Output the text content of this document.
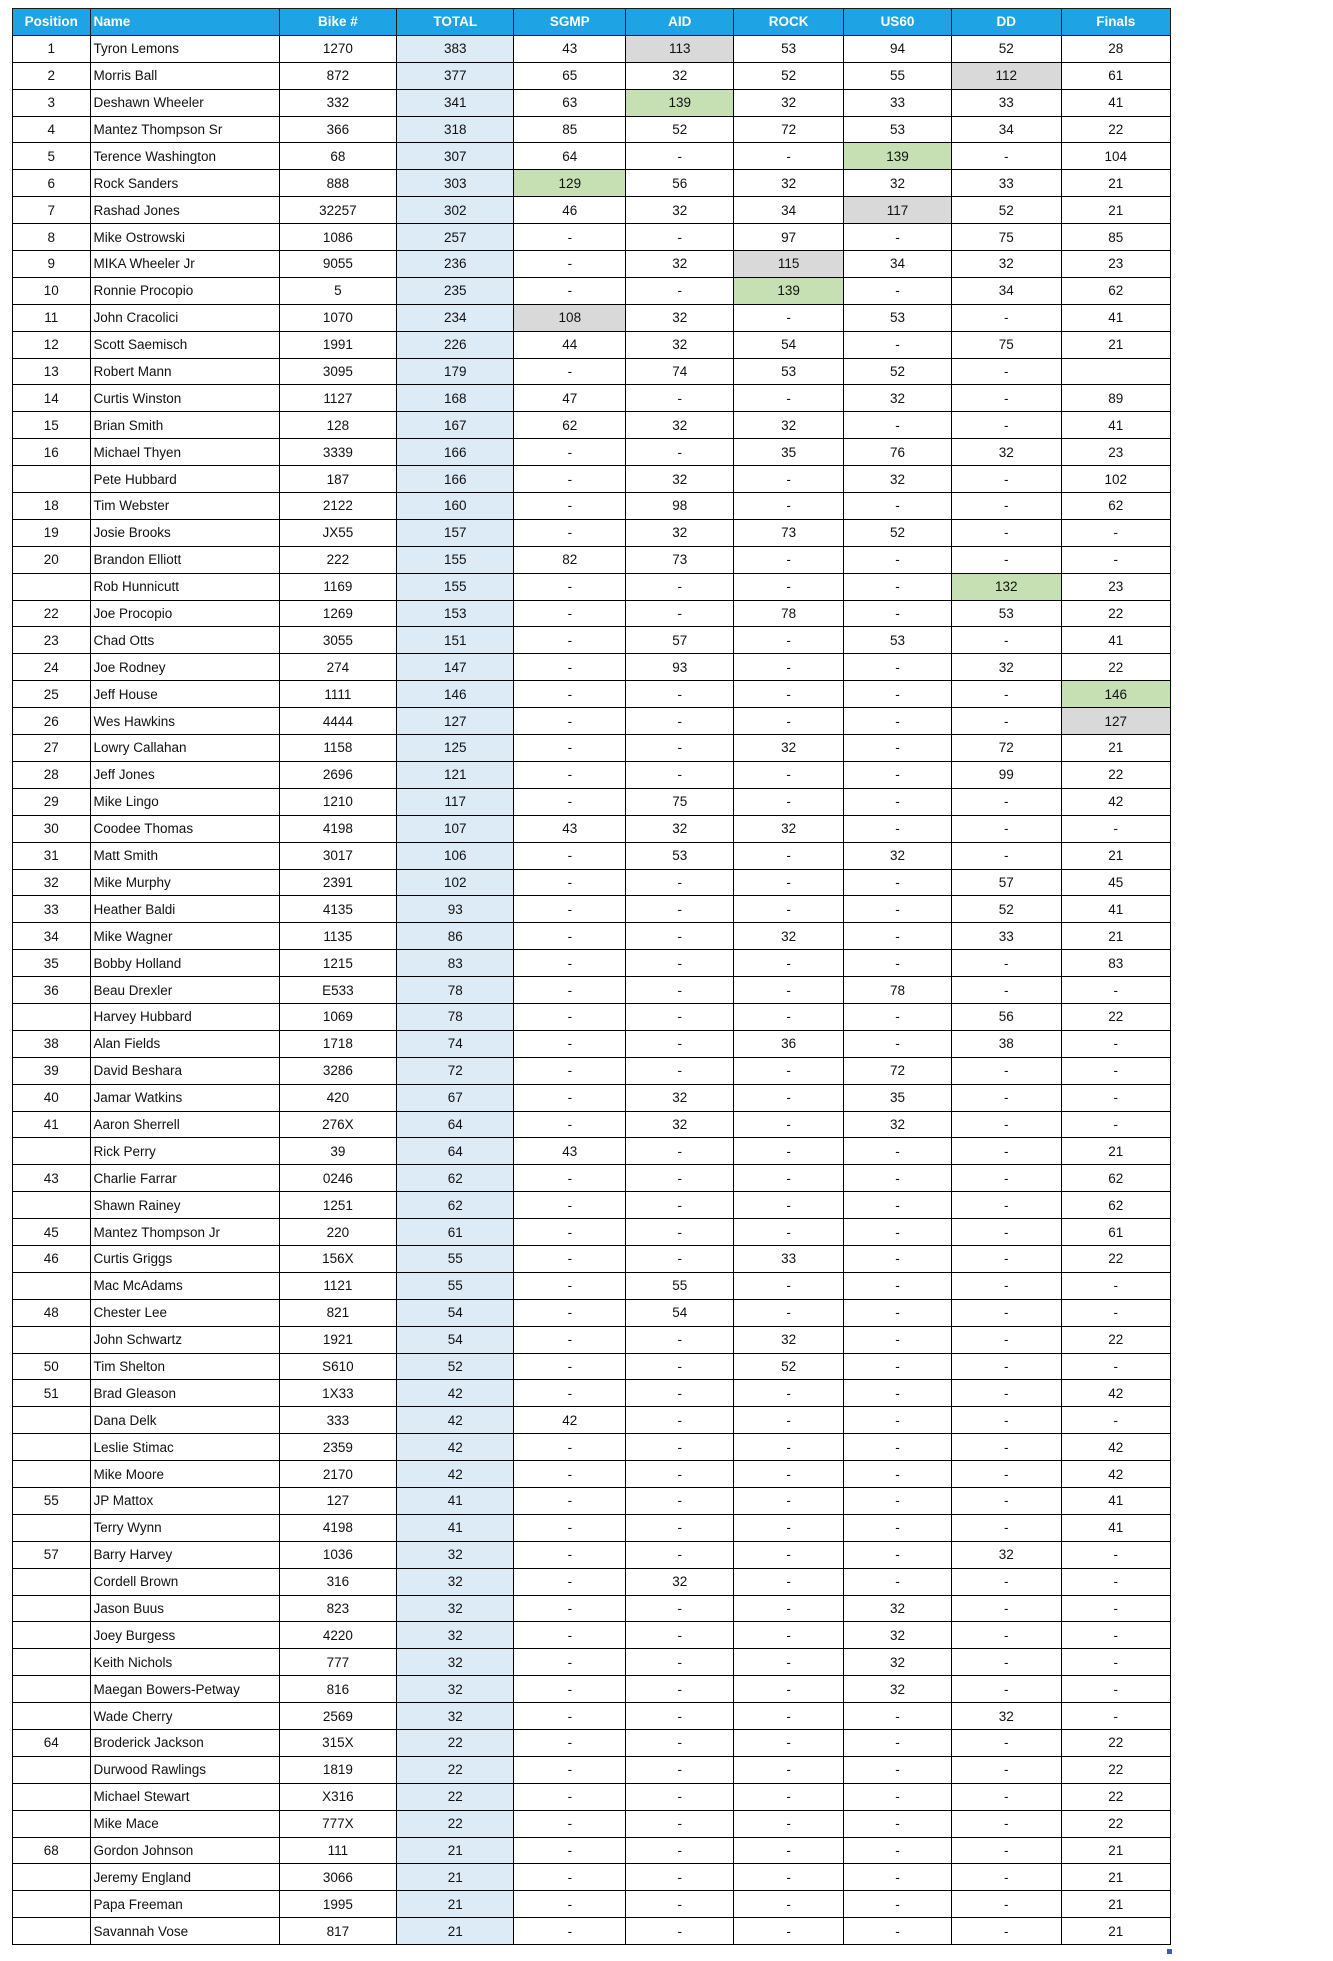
Position	Name	Bike #	TOTAL	SGMP	AID	ROCK	US60	DD	Finals
1	Tyron Lemons	1270	383	43	113	53	94	52	28
2	Morris Ball	872	377	65	32	52	55	112	61
3	Deshawn Wheeler	332	341	63	139	32	33	33	41
4	Mantez Thompson Sr	366	318	85	52	72	53	34	22
5	Terence Washington	68	307	64	-	-	139	-	104
6	Rock Sanders	888	303	129	56	32	32	33	21
7	Rashad Jones	32257	302	46	32	34	117	52	21
8	Mike Ostrowski	1086	257	-	-	97	-	75	85
9	MIKA Wheeler Jr	9055	236	-	32	115	34	32	23
10	Ronnie Procopio	5	235	-	-	139	-	34	62
11	John Cracolici	1070	234	108	32	-	53	-	41
12	Scott Saemisch	1991	226	44	32	54	-	75	21
13	Robert Mann	3095	179	-	74	53	52	-	
14	Curtis Winston	1127	168	47	-	-	32	-	89
15	Brian Smith	128	167	62	32	32	-	-	41
16	Michael Thyen	3339	166	-	-	35	76	32	23
	Pete Hubbard	187	166	-	32	-	32	-	102
18	Tim Webster	2122	160	-	98	-	-	-	62
19	Josie Brooks	JX55	157	-	32	73	52	-	-
20	Brandon Elliott	222	155	82	73	-	-	-	-
	Rob Hunnicutt	1169	155	-	-	-	-	132	23
22	Joe Procopio	1269	153	-	-	78	-	53	22
23	Chad Otts	3055	151	-	57	-	53	-	41
24	Joe Rodney	274	147	-	93	-	-	32	22
25	Jeff House	1111	146	-	-	-	-	-	146
26	Wes Hawkins	4444	127	-	-	-	-	-	127
27	Lowry Callahan	1158	125	-	-	32	-	72	21
28	Jeff Jones	2696	121	-	-	-	-	99	22
29	Mike Lingo	1210	117	-	75	-	-	-	42
30	Coodee Thomas	4198	107	43	32	32	-	-	-
31	Matt Smith	3017	106	-	53	-	32	-	21
32	Mike Murphy	2391	102	-	-	-	-	57	45
33	Heather Baldi	4135	93	-	-	-	-	52	41
34	Mike Wagner	1135	86	-	-	32	-	33	21
35	Bobby Holland	1215	83	-	-	-	-	-	83
36	Beau Drexler	E533	78	-	-	-	78	-	-
	Harvey Hubbard	1069	78	-	-	-	-	56	22
38	Alan Fields	1718	74	-	-	36	-	38	-
39	David Beshara	3286	72	-	-	-	72	-	-
40	Jamar Watkins	420	67	-	32	-	35	-	-
41	Aaron Sherrell	276X	64	-	32	-	32	-	-
	Rick Perry	39	64	43	-	-	-	-	21
43	Charlie Farrar	0246	62	-	-	-	-	-	62
	Shawn Rainey	1251	62	-	-	-	-	-	62
45	Mantez Thompson Jr	220	61	-	-	-	-	-	61
46	Curtis Griggs	156X	55	-	-	33	-	-	22
	Mac McAdams	1121	55	-	55	-	-	-	-
48	Chester Lee	821	54	-	54	-	-	-	-
	John Schwartz	1921	54	-	-	32	-	-	22
50	Tim Shelton	S610	52	-	-	52	-	-	-
51	Brad Gleason	1X33	42	-	-	-	-	-	42
	Dana Delk	333	42	42	-	-	-	-	-
	Leslie Stimac	2359	42	-	-	-	-	-	42
	Mike Moore	2170	42	-	-	-	-	-	42
55	JP Mattox	127	41	-	-	-	-	-	41
	Terry Wynn	4198	41	-	-	-	-	-	41
57	Barry Harvey	1036	32	-	-	-	-	32	-
	Cordell Brown	316	32	-	32	-	-	-	-
	Jason Buus	823	32	-	-	-	32	-	-
	Joey Burgess	4220	32	-	-	-	32	-	-
	Keith Nichols	777	32	-	-	-	32	-	-
	Maegan Bowers-Petway	816	32	-	-	-	32	-	-
	Wade Cherry	2569	32	-	-	-	-	32	-
64	Broderick Jackson	315X	22	-	-	-	-	-	22
	Durwood Rawlings	1819	22	-	-	-	-	-	22
	Michael Stewart	X316	22	-	-	-	-	-	22
	Mike Mace	777X	22	-	-	-	-	-	22
68	Gordon Johnson	111	21	-	-	-	-	-	21
	Jeremy England	3066	21	-	-	-	-	-	21
	Papa Freeman	1995	21	-	-	-	-	-	21
	Savannah Vose	817	21	-	-	-	-	-	21
